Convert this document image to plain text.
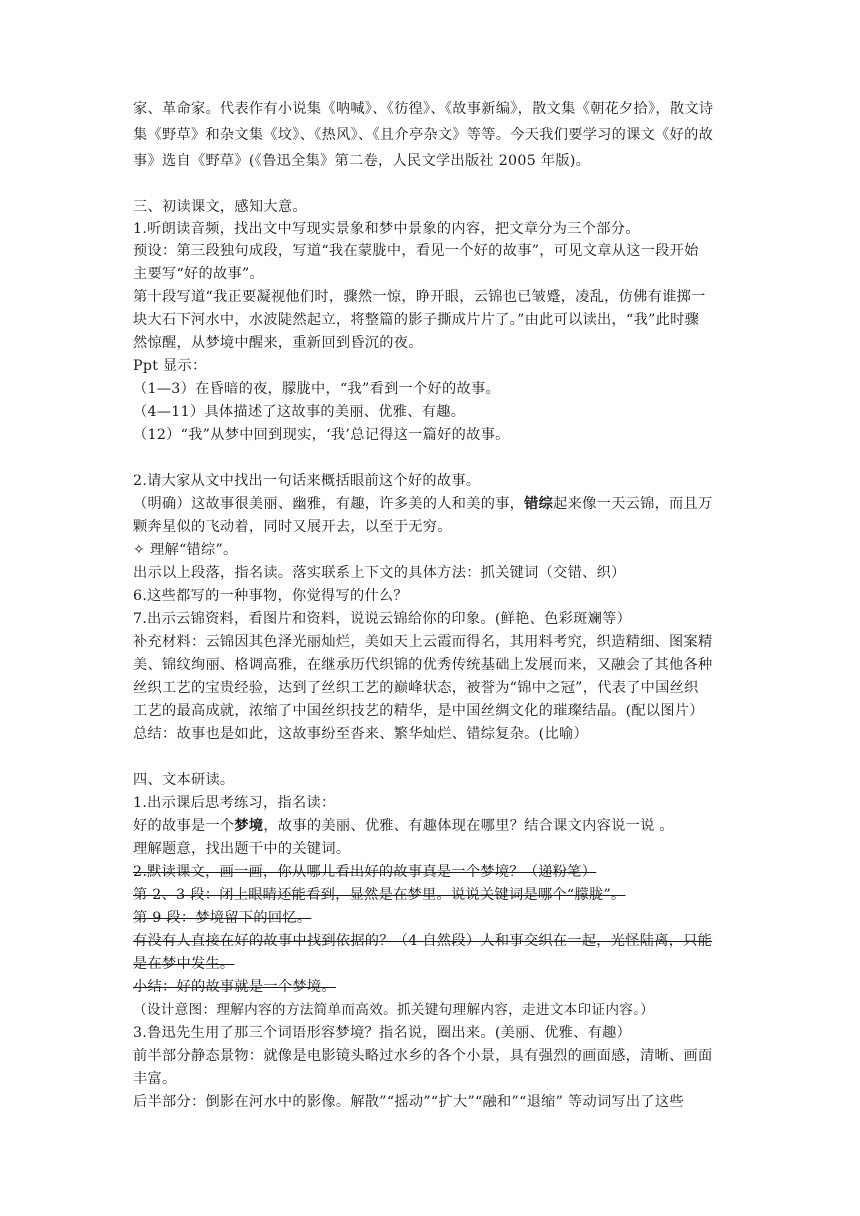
家、革命家。代表作有小说集《呐喊》、《彷徨》、《故事新编》，散文集《朝花夕拾》，散文诗
集《野草》和杂文集《坟》、《热风》、《且介亭杂文》等等。今天我们要学习的课文《好的故
事》选自《野草》(《鲁迅全集》第二卷，人民文学出版社 2005 年版)。
三、初读课文，感知大意。
1.听朗读音频，找出文中写现实景象和梦中景象的内容，把文章分为三个部分。
预设：第三段独句成段，写道“我在蒙胧中，看见一个好的故事”，可见文章从这一段开始
主要写“好的故事”。
第十段写道“我正要凝视他们时，骤然一惊，睁开眼，云锦也已皱蹙，凌乱，仿佛有谁掷一
块大石下河水中，水波陡然起立，将整篇的影子撕成片片了。”由此可以读出，“我”此时骤
然惊醒，从梦境中醒来，重新回到昏沉的夜。
Ppt 显示：
（1—3）在昏暗的夜，朦胧中，“我”看到一个好的故事。
（4—11）具体描述了这故事的美丽、优雅、有趣。
（12）“我”从梦中回到现实，‘我’总记得这一篇好的故事。
2.请大家从文中找出一句话来概括眼前这个好的故事。
（明确）这故事很美丽、幽雅，有趣，许多美的人和美的事，错综起来像一天云锦，而且万
颗奔星似的飞动着，同时又展开去，以至于无穷。
✧ 理解“错综”。
出示以上段落，指名读。落实联系上下文的具体方法：抓关键词（交错、织）
6.这些都写的一种事物，你觉得写的什么？
7.出示云锦资料，看图片和资料，说说云锦给你的印象。(鲜艳、色彩斑斓等）
补充材料：云锦因其色泽光丽灿烂，美如天上云霞而得名，其用料考究，织造精细、图案精
美、锦纹绚丽、格调高雅，在继承历代织锦的优秀传统基础上发展而来，又融会了其他各种
丝织工艺的宝贵经验，达到了丝织工艺的巅峰状态，被誉为“锦中之冠”，代表了中国丝织
工艺的最高成就，浓缩了中国丝织技艺的精华，是中国丝绸文化的璀璨结晶。(配以图片）
总结：故事也是如此，这故事纷至沓来、繁华灿烂、错综复杂。(比喻）
四、文本研读。
1.出示课后思考练习，指名读：
好的故事是一个梦境，故事的美丽、优雅、有趣体现在哪里？结合课文内容说一说 。
理解题意，找出题干中的关键词。
2.默读课文，画一画，你从哪儿看出好的故事真是一个梦境？（递粉笔）
第 2、3 段：闭上眼睛还能看到，显然是在梦里。说说关键词是哪个“朦胧”。
第 9 段：梦境留下的回忆。
有没有人直接在好的故事中找到依据的？（4 自然段）人和事交织在一起，光怪陆离，只能
是在梦中发生。
小结：好的故事就是一个梦境。
（设计意图：理解内容的方法简单而高效。抓关键句理解内容，走进文本印证内容。）
3.鲁迅先生用了那三个词语形容梦境？指名说，圈出来。(美丽、优雅、有趣）
前半部分静态景物：就像是电影镜头略过水乡的各个小景，具有强烈的画面感，清晰、画面
丰富。
后半部分：倒影在河水中的影像。解散”“摇动”“扩大”“融和”“退缩” 等动词写出了这些
